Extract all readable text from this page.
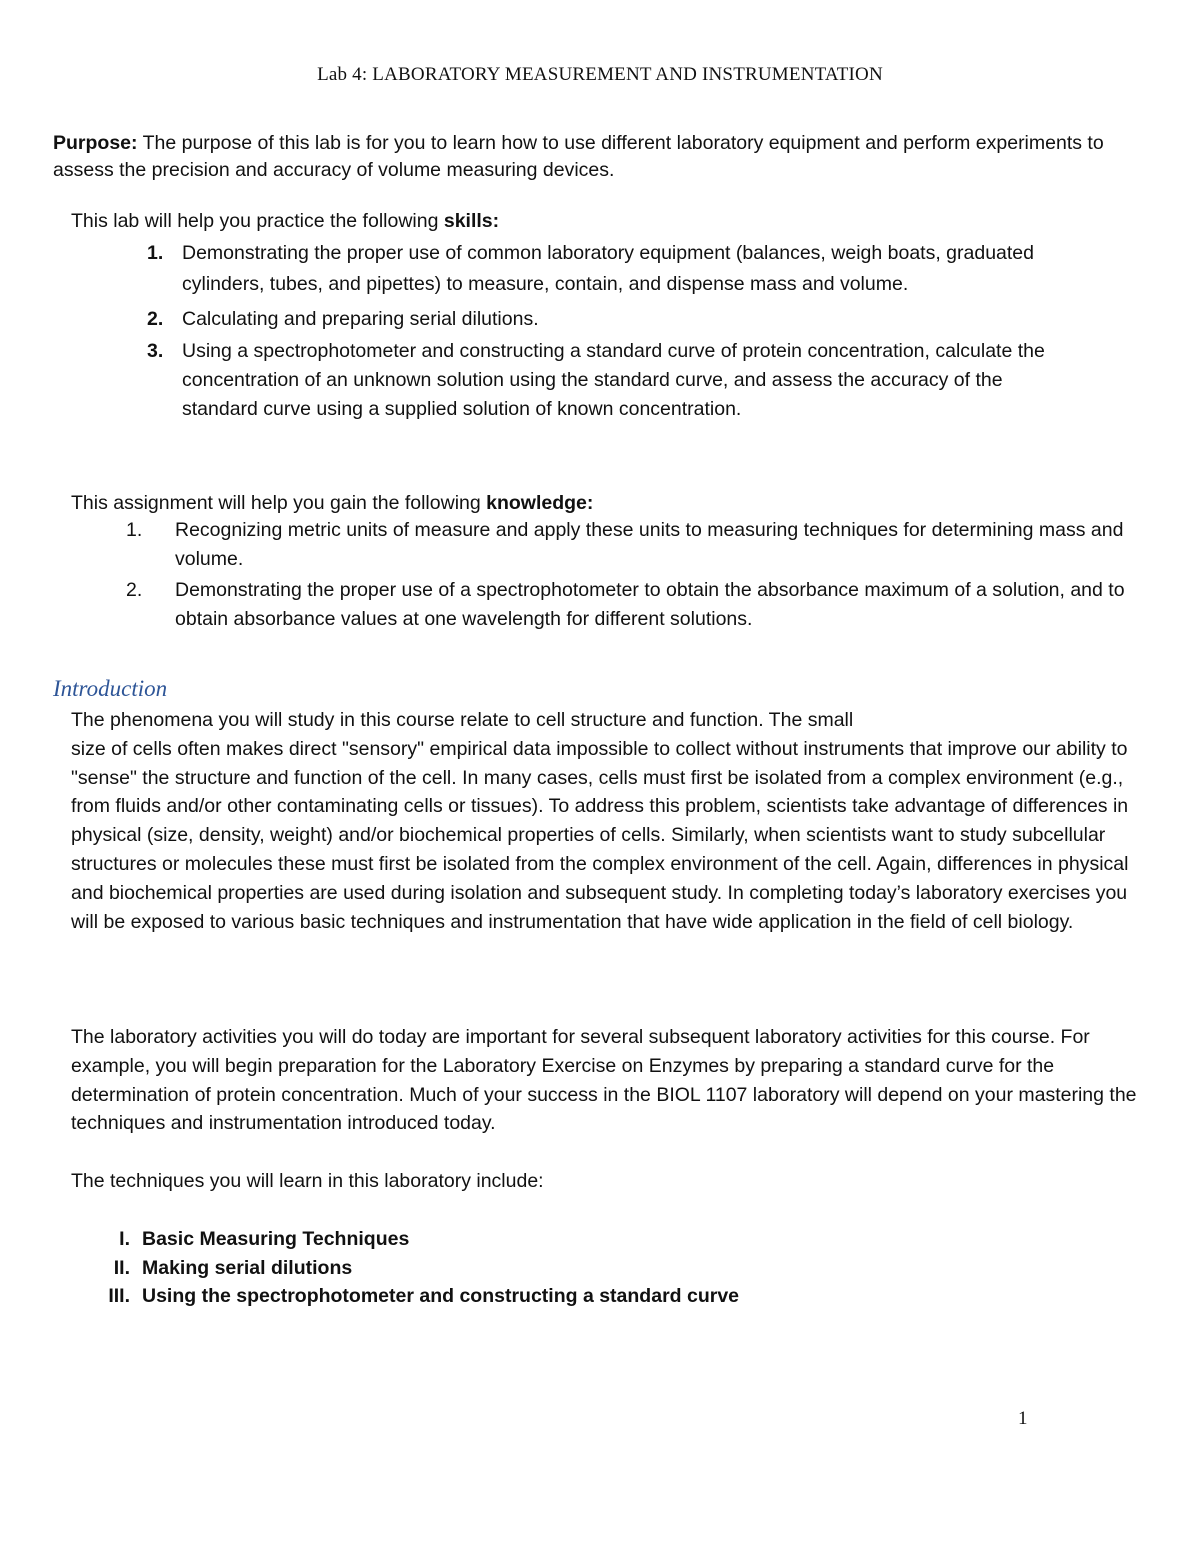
Lab 4: LABORATORY MEASUREMENT AND INSTRUMENTATION
Purpose: The purpose of this lab is for you to learn how to use different laboratory equipment and perform experiments to assess the precision and accuracy of volume measuring devices.
This lab will help you practice the following skills:
1. Demonstrating the proper use of common laboratory equipment (balances, weigh boats, graduated cylinders, tubes, and pipettes) to measure, contain, and dispense mass and volume.
2. Calculating and preparing serial dilutions.
3. Using a spectrophotometer and constructing a standard curve of protein concentration, calculate the concentration of an unknown solution using the standard curve, and assess the accuracy of the standard curve using a supplied solution of known concentration.
This assignment will help you gain the following knowledge:
1. Recognizing metric units of measure and apply these units to measuring techniques for determining mass and volume.
2. Demonstrating the proper use of a spectrophotometer to obtain the absorbance maximum of a solution, and to obtain absorbance values at one wavelength for different solutions.
Introduction

The phenomena you will study in this course relate to cell structure and function. The small

size of cells often makes direct "sensory" empirical data impossible to collect without instruments that improve our ability to "sense" the structure and function of the cell. In many cases, cells must first be isolated from a complex environment (e.g., from fluids and/or other contaminating cells or tissues). To address this problem, scientists take advantage of differences in physical (size, density, weight) and/or biochemical properties of cells. Similarly, when scientists want to study subcellular structures or molecules these must first be isolated from the complex environment of the cell. Again, differences in physical and biochemical properties are used during isolation and subsequent study. In completing today’s laboratory exercises you will be exposed to various basic techniques and instrumentation that have wide application in the field of cell biology.

The laboratory activities you will do today are important for several subsequent laboratory activities for this course. For example, you will begin preparation for the Laboratory Exercise on Enzymes by preparing a standard curve for the determination of protein concentration. Much of your success in the BIOL 1107 laboratory will depend on your mastering the techniques and instrumentation introduced today.
The techniques you will learn in this laboratory include:
I. Basic Measuring Techniques
II. Making serial dilutions
III. Using the spectrophotometer and constructing a standard curve
1
